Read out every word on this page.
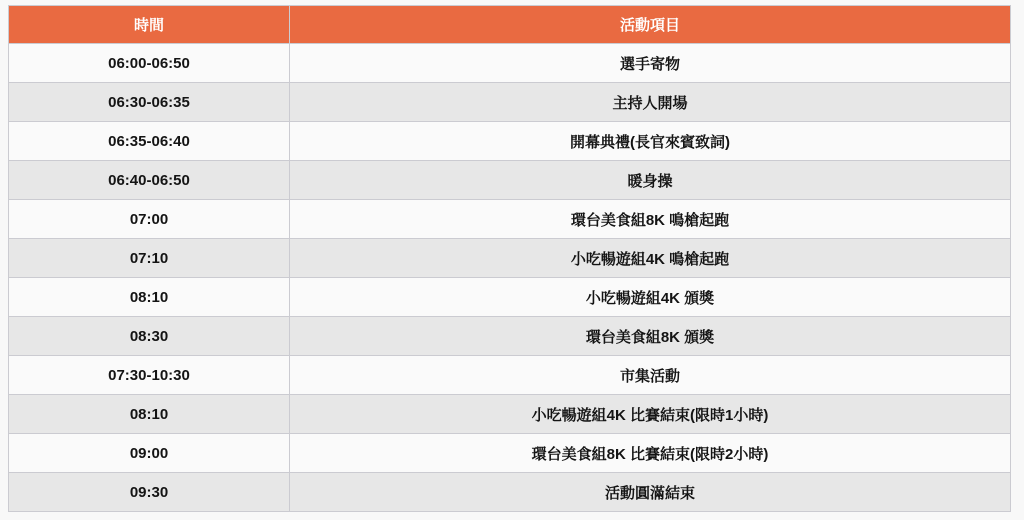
時間	活動項目
06:00-06:50	選手寄物
06:30-06:35	主持人開場
06:35-06:40	開幕典禮(長官來賓致詞)
06:40-06:50	暖身操
07:00	環台美食組8K 鳴槍起跑
07:10	小吃暢遊組4K 鳴槍起跑
08:10	小吃暢遊組4K 頒獎
08:30	環台美食組8K 頒獎
07:30-10:30	市集活動
08:10	小吃暢遊組4K 比賽結束(限時1小時)
09:00	環台美食組8K 比賽結束(限時2小時)
09:30	活動圓滿結束
